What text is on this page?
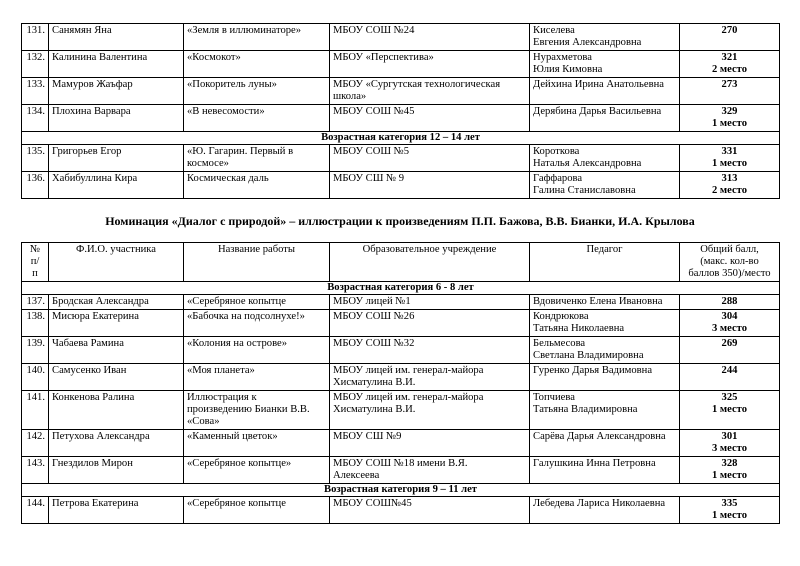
131.	Санямян Яна	«Земля в иллюминаторе»	МБОУ СОШ №24	Киселева
Евгения Александровна	270

132.	Калинина Валентина	«Космокот»	МБОУ «Перспектива»	Нурахметова
Юлия Кимовна	321
2 место

133.	Мамуров Жаъфар	«Покоритель луны»	МБОУ «Сургутская технологическая
школа»	Дейхина Ирина Анатольевна	273

134.	Плохина Варвара	«В невесомости»	МБОУ СОШ №45	Дерябина Дарья Васильевна	329
1 место

Возрастная категория 12 – 14 лет					
135.	Григорьев Егор	«Ю. Гагарин. Первый в
космосе»	МБОУ СОШ №5	Короткова
Наталья Александровна	331
1 место

136.	Хабибуллина Кира	Космическая даль	МБОУ СШ № 9	Гаффарова
Галина Станиславовна	313
2 место
Номинация «Диалог с природой» – иллюстрации к произведениям П.П. Бажова, В.В. Бианки, И.А. Крылова
№
п/
п	Ф.И.О. участника	Название работы	Образовательное учреждение	Педагог	Общий балл,
(макс. кол-во
баллов 350)/место

Возрастная категория 6 - 8 лет					
137.	Бродская Александра	«Серебряное копытце	МБОУ лицей №1	Вдовиченко Елена Ивановна	288

138.	Мисюра Екатерина	«Бабочка на подсолнухе!»	МБОУ СОШ №26	Кондрюкова
Татьяна Николаевна	304
3 место

139.	Чабаева Рамина	«Колония на острове»	МБОУ СОШ №32	Бельмесова
Светлана Владимировна	269

140.	Самусенко Иван	«Моя планета»	МБОУ лицей им. генерал-майора
Хисматулина В.И.	Гуренко Дарья Вадимовна	244

141.	Конкенова Ралина	Иллюстрация к
произведению Бианки В.В.
«Сова»	МБОУ лицей им. генерал-майора
Хисматулина В.И.	Топчиева
Татьяна Владимировна	325
1 место

142.	Петухова Александра	«Каменный цветок»	МБОУ СШ №9	Сарёва Дарья Александровна	301
3 место

143.	Гнездилов Мирон	«Серебряное копытце»	МБОУ СОШ №18 имени В.Я.
Алексеева	Галушкина Инна Петровна	328
1 место

Возрастная категория 9 – 11 лет					
144.	Петрова Екатерина	«Серебряное копытце	МБОУ СОШ№45	Лебедева Лариса Николаевна	335
1 место
